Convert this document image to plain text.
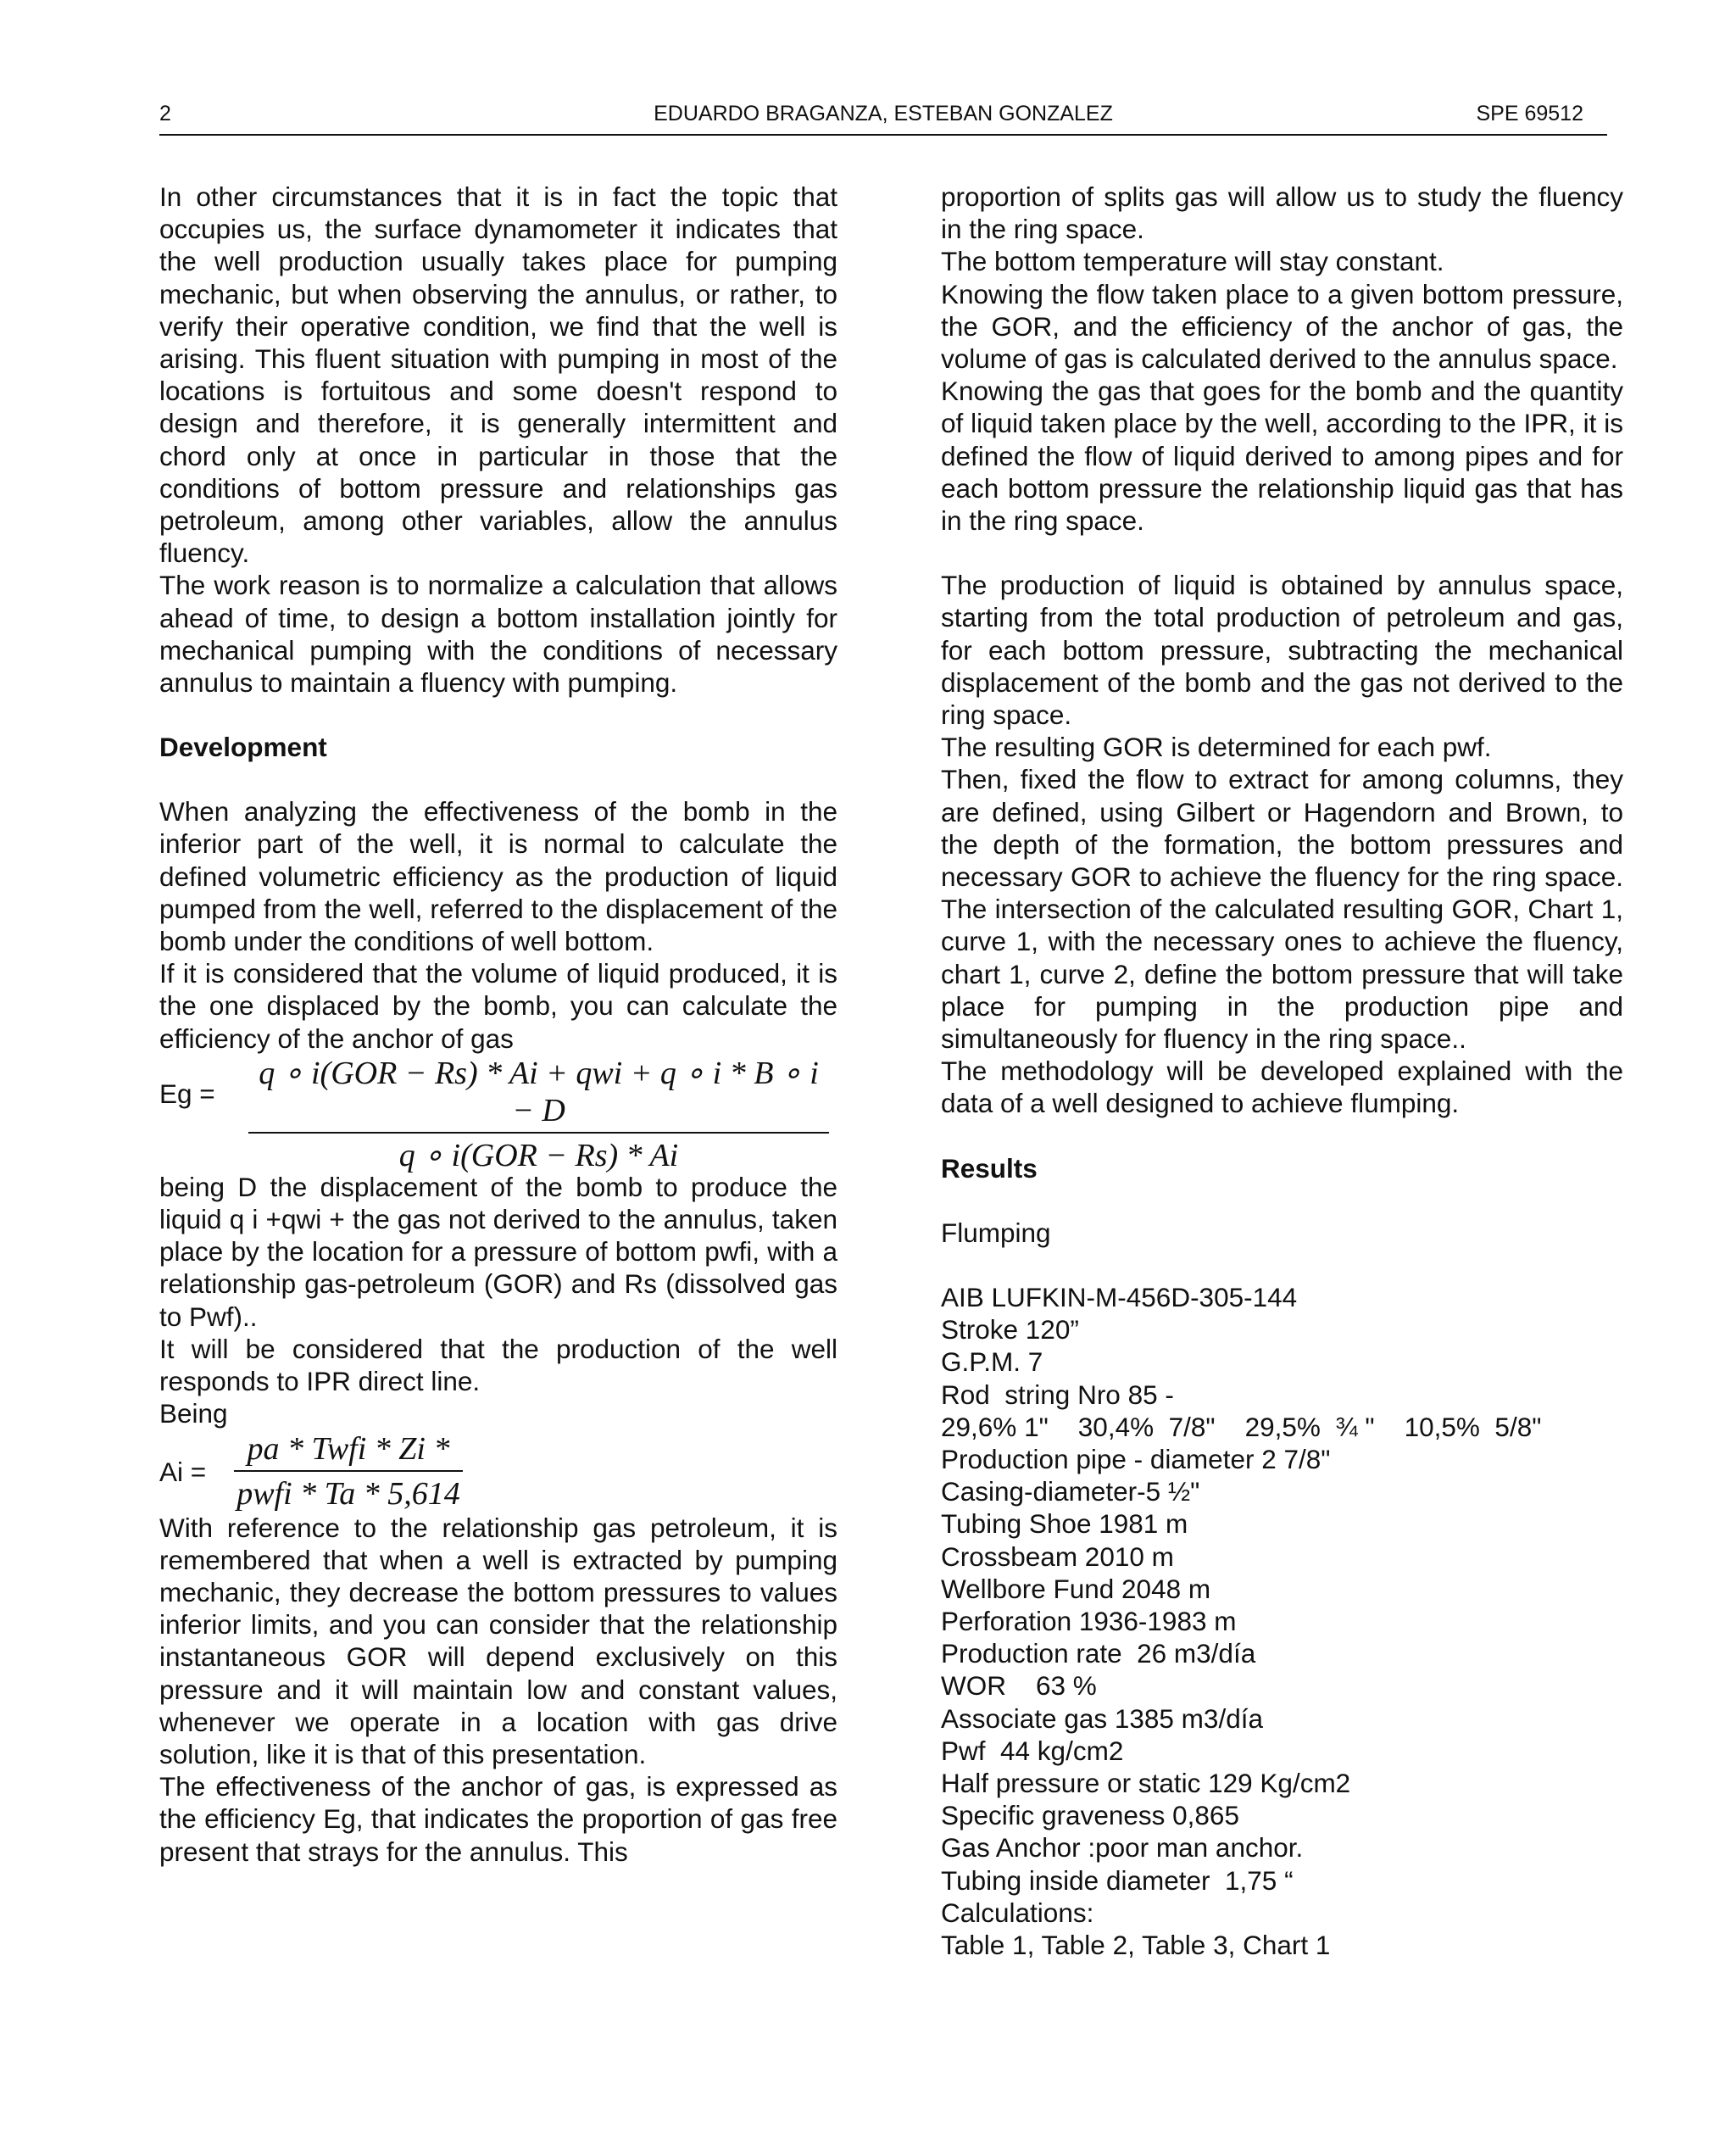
2	EDUARDO BRAGANZA, ESTEBAN GONZALEZ	SPE 69512

In other circumstances that it is in fact the topic that occupies us, the surface dynamometer it indicates that the well production usually takes place for pumping mechanic, but when observing the annulus, or rather, to verify their operative condition, we find that the well is arising. This fluent situation with pumping in most of the locations is fortuitous and some doesn't respond to design and therefore, it is generally intermittent and chord only at once in particular in those that the conditions of bottom pressure and relationships gas petroleum, among other variables, allow the annulus fluency.

The work reason is to normalize a calculation that allows ahead of time, to design a bottom installation jointly for mechanical pumping with the conditions of necessary annulus to maintain a fluency with pumping.

Development

When analyzing the effectiveness of the bomb in the inferior part of the well, it is normal to calculate the defined volumetric efficiency as the production of liquid pumped from the well, referred to the displacement of the bomb under the conditions of well bottom.

If it is considered that the volume of liquid produced, it is the one displaced by the bomb, you can calculate the efficiency of the anchor of gas

Eg =
q ∘ i(GOR − Rs) * Ai + qwi + q ∘ i * B ∘ i − D
q ∘ i(GOR − Rs) * Ai

being D the displacement of the bomb to produce the liquid q i +qwi + the gas not derived to the annulus, taken place by the location for a pressure of bottom pwfi, with a relationship gas-petroleum (GOR) and Rs (dissolved gas to Pwf)..

It will be considered that the production of the well responds to IPR direct line.

Being

Ai =
pa * Twfi * Zi *
pwfi * Ta * 5,614

With reference to the relationship gas petroleum, it is remembered that when a well is extracted by pumping mechanic, they decrease the bottom pressures to values inferior limits, and you can consider that the relationship instantaneous GOR will depend exclusively on this pressure and it will maintain low and constant values, whenever we operate in a location with gas drive solution, like it is that of this presentation.

The effectiveness of the anchor of gas, is expressed as the efficiency Eg, that indicates the proportion of gas free present that strays for the annulus. This

proportion of splits gas will allow us to study the fluency in the ring space.

The bottom temperature will stay constant.

Knowing the flow taken place to a given bottom pressure, the GOR, and the efficiency of the anchor of gas, the volume of gas is calculated derived to the annulus space.

Knowing the gas that goes for the bomb and the quantity of liquid taken place by the well, according to the IPR, it is defined the flow of liquid derived to among pipes and for each bottom pressure the relationship liquid gas that has in the ring space.

The production of liquid is obtained by annulus space, starting from the total production of petroleum and gas, for each bottom pressure, subtracting the mechanical displacement of the bomb and the gas not derived to the ring space.

The resulting GOR is determined for each pwf.

Then, fixed the flow to extract for among columns, they are defined, using Gilbert or Hagendorn and Brown, to the depth of the formation, the bottom pressures and necessary GOR to achieve the fluency for the ring space. The intersection of the calculated resulting GOR, Chart 1, curve 1, with the necessary ones to achieve the fluency, chart 1, curve 2, define the bottom pressure that will take place for pumping in the production pipe and simultaneously for fluency in the ring space..

The methodology will be developed explained with the data of a well designed to achieve flumping.

Results

Flumping

AIB LUFKIN-M-456D-305-144
Stroke 120”
G.P.M. 7
Rod  string Nro 85 -
29,6% 1"    30,4%  7/8"    29,5%  ¾ "    10,5%  5/8"
Production pipe - diameter 2 7/8"
Casing-diameter-5 ½"
Tubing Shoe 1981 m
Crossbeam 2010 m
Wellbore Fund 2048 m
Perforation 1936-1983 m
Production rate  26 m3/día
WOR    63 %
Associate gas 1385 m3/día
Pwf  44 kg/cm2
Half pressure or static 129 Kg/cm2
Specific graveness 0,865
Gas Anchor :poor man anchor.
Tubing inside diameter  1,75 “
Calculations:
Table 1, Table 2, Table 3, Chart 1
